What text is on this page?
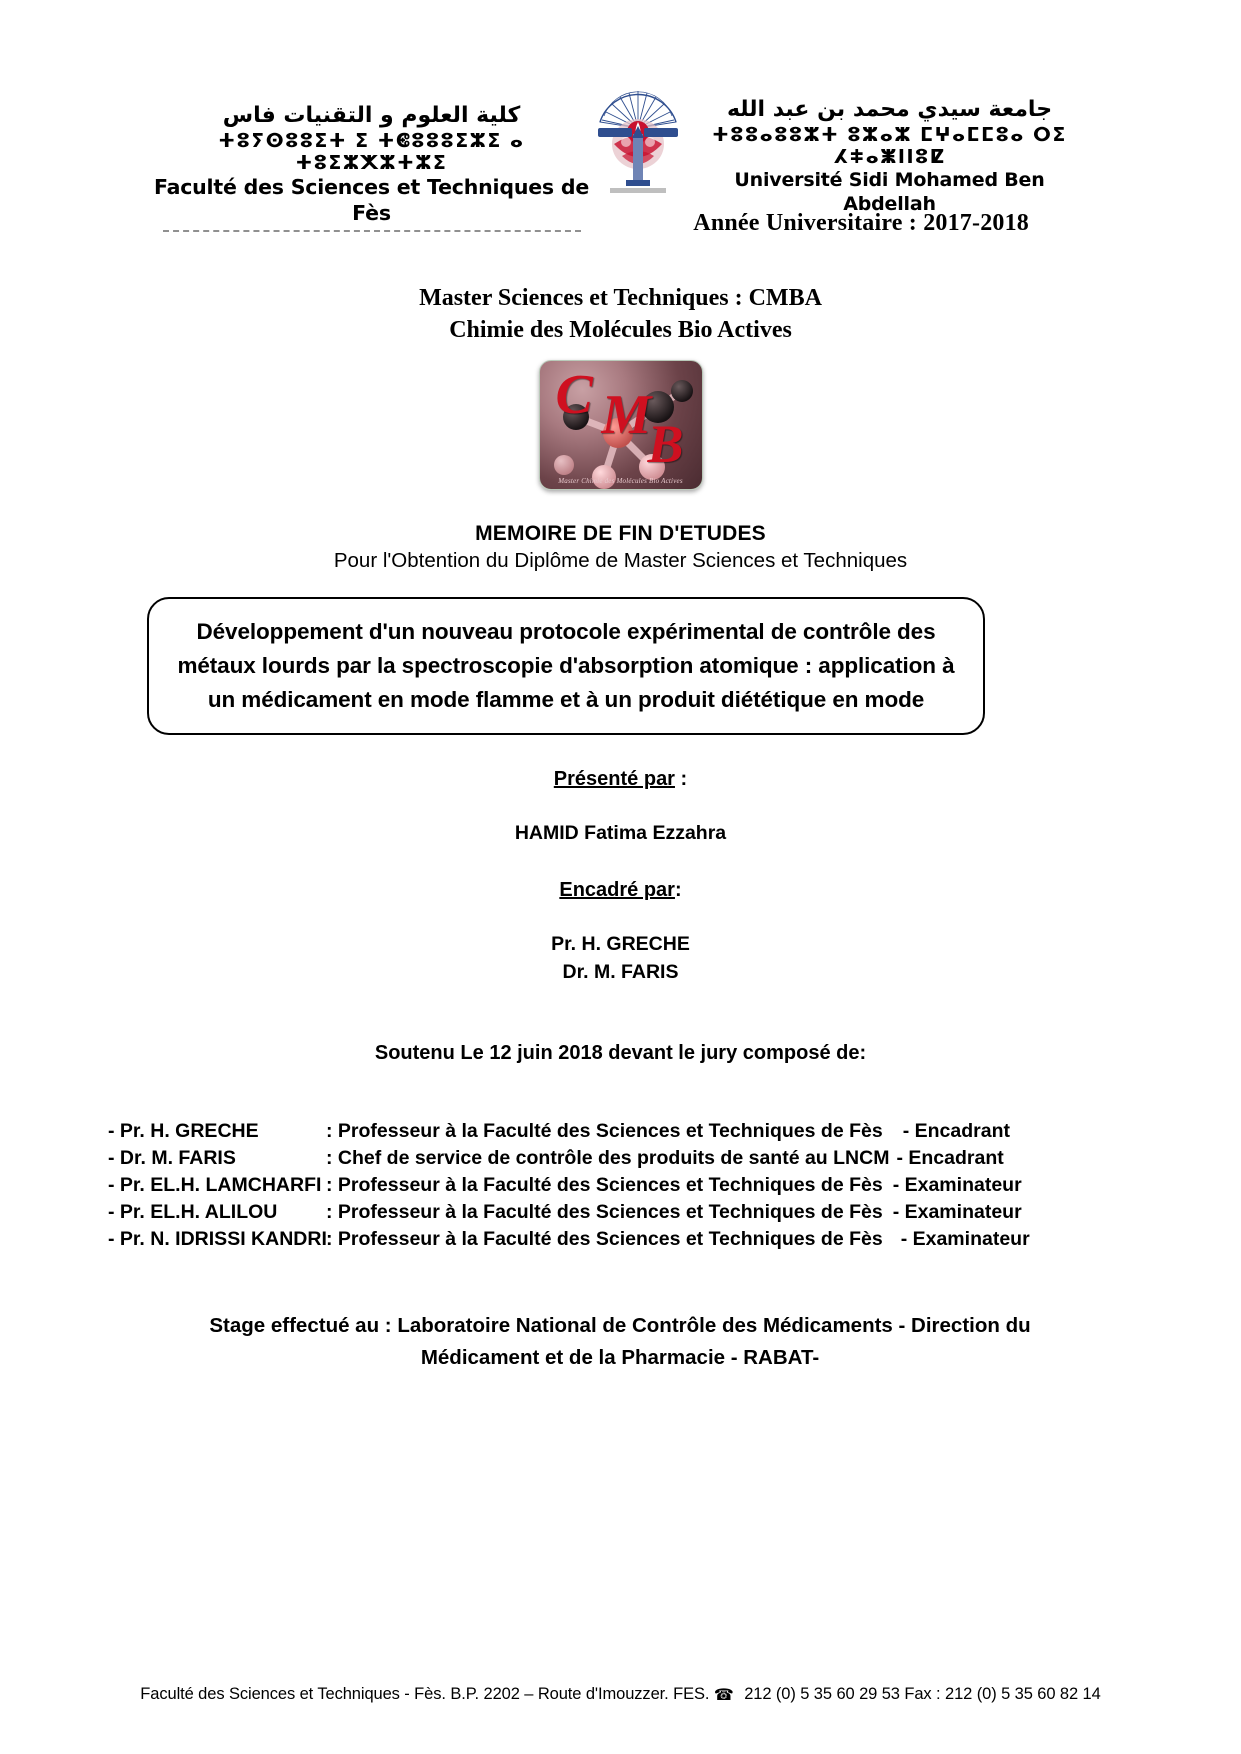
كلية العلوم و التقنيات فاس
ⵜⵓⵢⵙⵓⵓⵉⵜ ⵉ ⵜⵞⵓⵓⵓⵉⵣⵉ ⴰ ⵜⵓⵉⵣⵅⵣⵜⵣⵉ
Faculté des Sciences et Techniques de Fès
جامعة سيدي محمد بن عبد الله
ⵜⵓⵓⴰⵓⵓⵣⵜ ⵓⵣⴰⵣ ⵎⵖⴰⵎⵎⵓⴰ ⵔⵉ ⵃⵐⴰⵥⵏⵏⵓⵇ
Université Sidi Mohamed Ben Abdellah
Année Universitaire : 2017-2018
Master Sciences et Techniques : CMBA
Chimie des Molécules Bio Actives
C M
B
Master Chimie des Molécules Bio Actives
MEMOIRE DE FIN D'ETUDES
Pour l'Obtention du Diplôme de Master Sciences et Techniques
Développement d'un nouveau protocole expérimental de contrôle des
métaux lourds par la spectroscopie d'absorption atomique : application à
un médicament en mode flamme et à un produit diététique en mode
Présenté par :
HAMID Fatima Ezzahra
Encadré par:
Pr. H. GRECHE
Dr. M. FARIS
Soutenu Le 12 juin 2018 devant le jury composé de:
- Pr. H. GRECHE	: Professeur à la Faculté des Sciences et Techniques de Fès	- Encadrant
- Dr. M. FARIS	: Chef de service de contrôle des produits de santé au LNCM - Encadrant
- Pr. EL.H. LAMCHARFI : Professeur à la Faculté des Sciences et Techniques de Fès - Examinateur
- Pr. EL.H. ALILOU	: Professeur à la Faculté des Sciences et Techniques de Fès - Examinateur
- Pr. N. IDRISSI KANDRI : Professeur à la Faculté des Sciences et Techniques de Fès - Examinateur
Stage effectué au : Laboratoire National de Contrôle des Médicaments - Direction du
Médicament et de la Pharmacie - RABAT-
Faculté des Sciences et Techniques - Fès. B.P. 2202 – Route d'Imouzzer. FES. ☎ 212 (0) 5 35 60 29 53 Fax : 212 (0) 5 35 60 82 14
